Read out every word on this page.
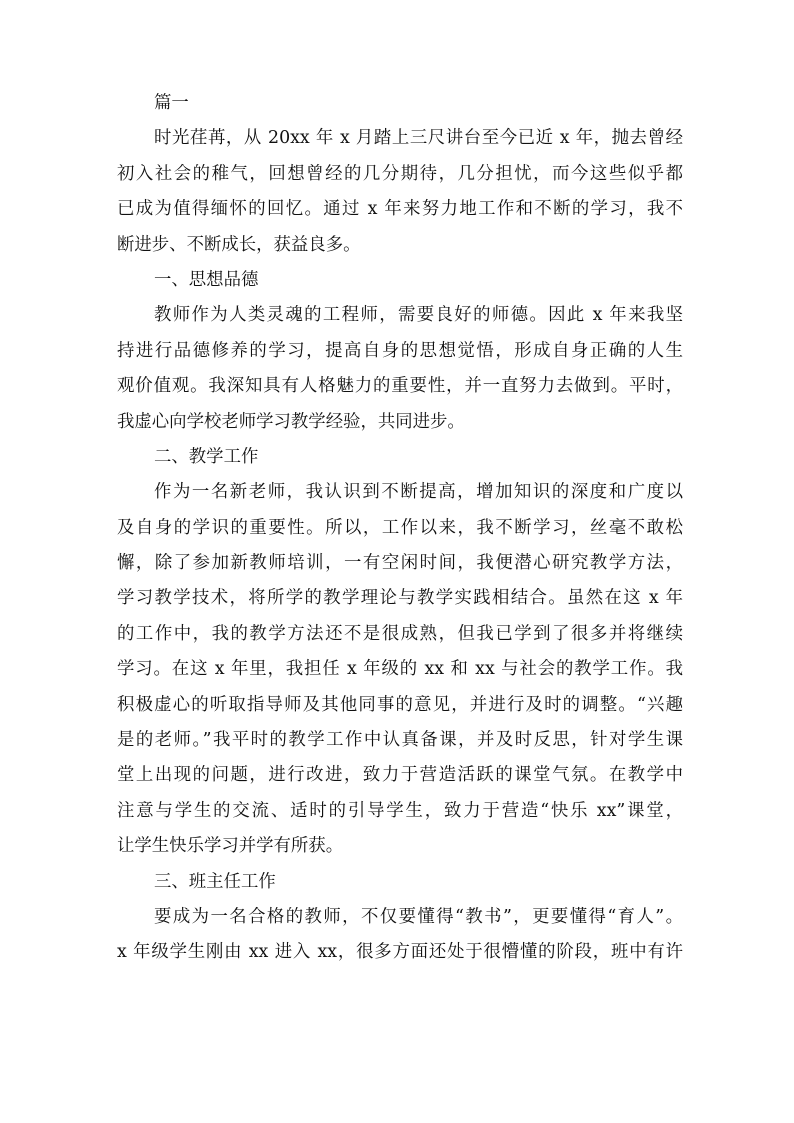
篇一
时光荏苒，从 20xx 年 x 月踏上三尺讲台至今已近 x 年，抛去曾经
初入社会的稚气，回想曾经的几分期待，几分担忧，而今这些似乎都
已成为值得缅怀的回忆。通过 x 年来努力地工作和不断的学习，我不
断进步、不断成长，获益良多。
一、思想品德
教师作为人类灵魂的工程师，需要良好的师德。因此 x 年来我坚
持进行品德修养的学习，提高自身的思想觉悟，形成自身正确的人生
观价值观。我深知具有人格魅力的重要性，并一直努力去做到。平时，
我虚心向学校老师学习教学经验，共同进步。
二、教学工作
作为一名新老师，我认识到不断提高，增加知识的深度和广度以
及自身的学识的重要性。所以，工作以来，我不断学习，丝毫不敢松
懈，除了参加新教师培训，一有空闲时间，我便潜心研究教学方法，
学习教学技术，将所学的教学理论与教学实践相结合。虽然在这 x 年
的工作中，我的教学方法还不是很成熟，但我已学到了很多并将继续
学习。在这 x 年里，我担任 x 年级的 xx 和 xx 与社会的教学工作。我
积极虚心的听取指导师及其他同事的意见，并进行及时的调整。“兴趣
是的老师。”我平时的教学工作中认真备课，并及时反思，针对学生课
堂上出现的问题，进行改进，致力于营造活跃的课堂气氛。在教学中
注意与学生的交流、适时的引导学生，致力于营造“快乐 xx”课堂，
让学生快乐学习并学有所获。
三、班主任工作
要成为一名合格的教师，不仅要懂得“教书”，更要懂得“育人”。
x 年级学生刚由 xx 进入 xx，很多方面还处于很懵懂的阶段，班中有许
